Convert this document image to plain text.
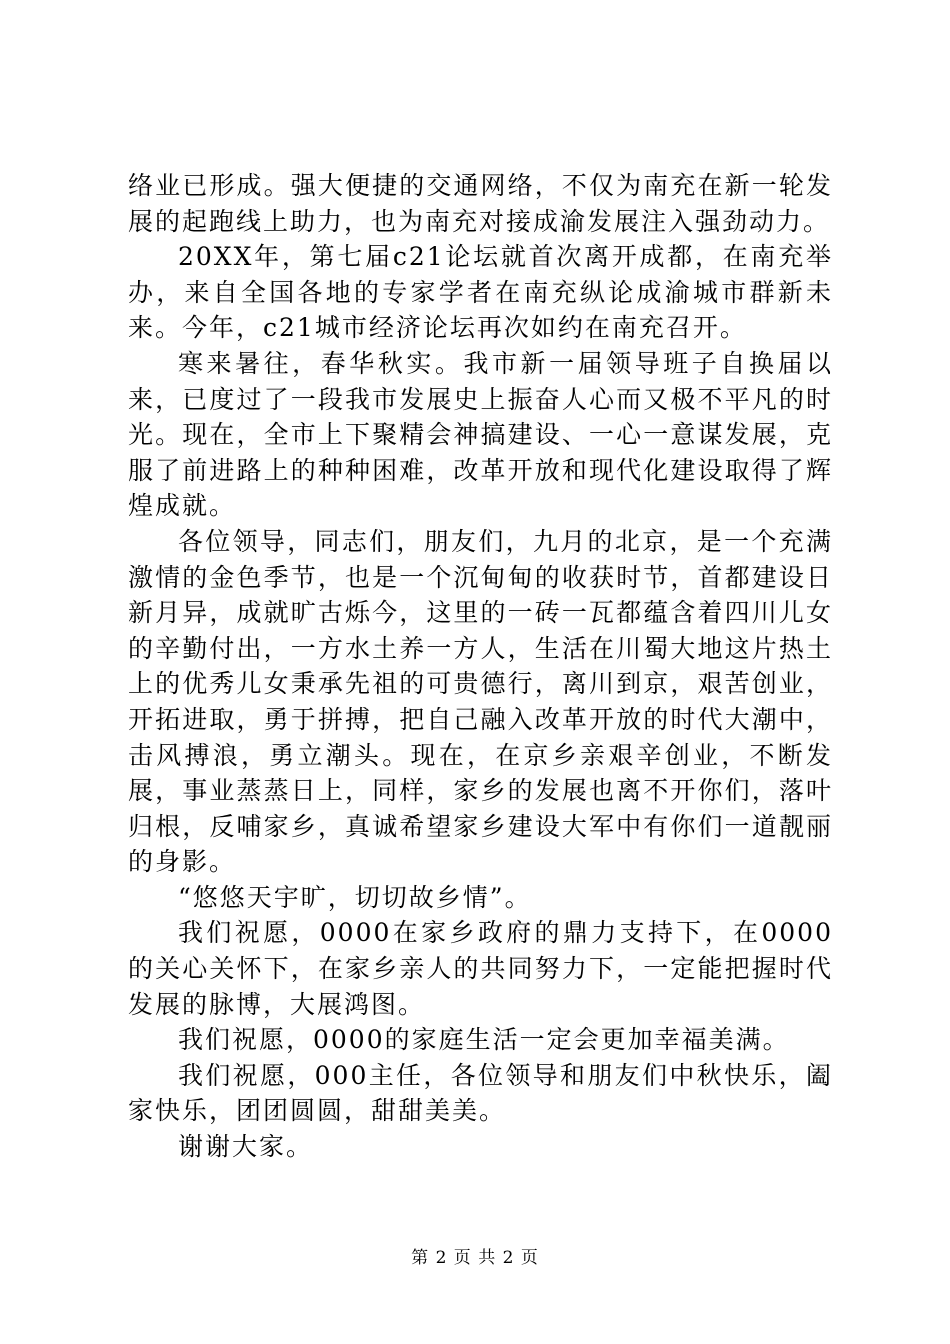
络业已形成。强大便捷的交通网络，不仅为南充在新一轮发展的起跑线上助力，也为南充对接成渝发展注入强劲动力。

20XX年，第七届c21论坛就首次离开成都，在南充举办，来自全国各地的专家学者在南充纵论成渝城市群新未来。今年，c21城市经济论坛再次如约在南充召开。

寒来暑往，春华秋实。我市新一届领导班子自换届以来，已度过了一段我市发展史上振奋人心而又极不平凡的时光。现在，全市上下聚精会神搞建设、一心一意谋发展，克服了前进路上的种种困难，改革开放和现代化建设取得了辉煌成就。

各位领导，同志们，朋友们，九月的北京，是一个充满激情的金色季节，也是一个沉甸甸的收获时节，首都建设日新月异，成就旷古烁今，这里的一砖一瓦都蕴含着四川儿女的辛勤付出，一方水土养一方人，生活在川蜀大地这片热土上的优秀儿女秉承先祖的可贵德行，离川到京，艰苦创业，开拓进取，勇于拼搏，把自己融入改革开放的时代大潮中，击风搏浪，勇立潮头。现在，在京乡亲艰辛创业，不断发展，事业蒸蒸日上，同样，家乡的发展也离不开你们，落叶归根，反哺家乡，真诚希望家乡建设大军中有你们一道靓丽的身影。

“悠悠天宇旷，切切故乡情”。

我们祝愿，0000在家乡政府的鼎力支持下，在0000的关心关怀下，在家乡亲人的共同努力下，一定能把握时代发展的脉博，大展鸿图。

我们祝愿，0000的家庭生活一定会更加幸福美满。

我们祝愿，000主任，各位领导和朋友们中秋快乐，阖家快乐，团团圆圆，甜甜美美。

谢谢大家。

第 2 页 共 2 页
